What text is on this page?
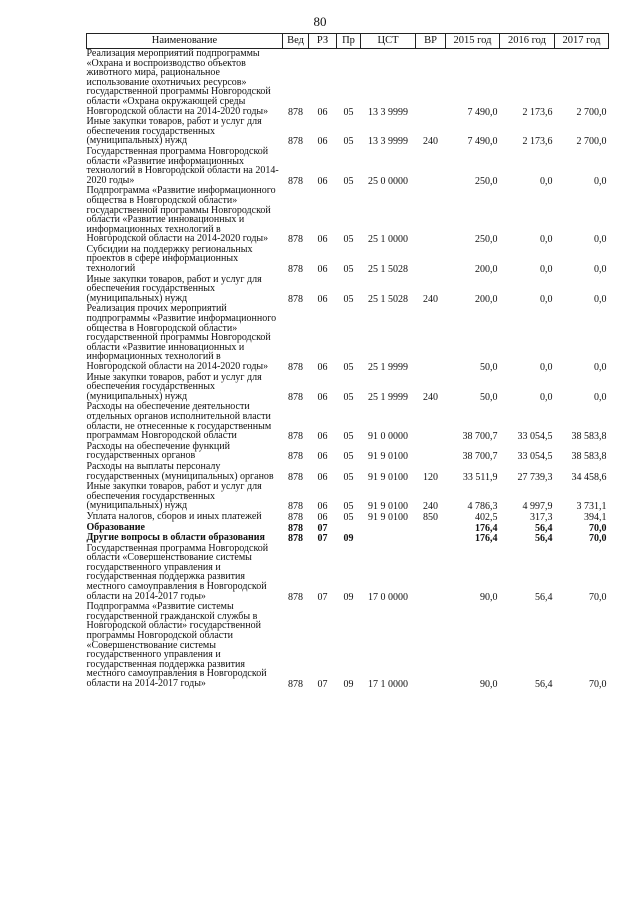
80
Наименование	Вед	РЗ	Пр	ЦСТ	ВР	2015 год	2016 год	2017 год

Реализация мероприятий подпрограммы «Охрана и воспроизводство объектов животного мира, рациональное использование охотничьих ресурсов» государственной программы Новгородской области «Охрана окружающей среды Новгородской области на 2014-2020 годы»	878	06	05	13 3 9999		7 490,0	2 173,6	2 700,0

Иные закупки товаров, работ и услуг для обеспечения государственных (муниципальных) нужд	878	06	05	13 3 9999	240	7 490,0	2 173,6	2 700,0

Государственная программа Новгородской области «Развитие информационных технологий в Новгородской области на 2014-2020 годы»	878	06	05	25 0 0000		250,0	0,0	0,0

Подпрограмма «Развитие информационного общества в Новгородской области» государственной программы Новгородской области «Развитие инновационных и информационных технологий в Новгородской области на 2014-2020 годы»	878	06	05	25 1 0000		250,0	0,0	0,0

Субсидии на поддержку региональных проектов в сфере информационных технологий	878	06	05	25 1 5028		200,0	0,0	0,0

Иные закупки товаров, работ и услуг для обеспечения государственных (муниципальных) нужд	878	06	05	25 1 5028	240	200,0	0,0	0,0

Реализация прочих мероприятий подпрограммы «Развитие информационного общества в Новгородской области» государственной программы Новгородской области «Развитие инновационных и информационных технологий в Новгородской области на 2014-2020 годы»	878	06	05	25 1 9999		50,0	0,0	0,0

Иные закупки товаров, работ и услуг для обеспечения государственных (муниципальных) нужд	878	06	05	25 1 9999	240	50,0	0,0	0,0

Расходы на обеспечение деятельности отдельных органов исполнительной власти области, не отнесенные к государственным программам Новгородской области	878	06	05	91 0 0000		38 700,7	33 054,5	38 583,8

Расходы на обеспечение функций государственных органов	878	06	05	91 9 0100		38 700,7	33 054,5	38 583,8

Расходы на выплаты персоналу государственных (муниципальных) органов	878	06	05	91 9 0100	120	33 511,9	27 739,3	34 458,6

Иные закупки товаров, работ и услуг для обеспечения государственных (муниципальных) нужд	878	06	05	91 9 0100	240	4 786,3	4 997,9	3 731,1

Уплата налогов, сборов и иных платежей	878	06	05	91 9 0100	850	402,5	317,3	394,1

Образование	878	07				176,4	56,4	70,0

Другие вопросы в области образования	878	07	09			176,4	56,4	70,0

Государственная программа Новгородской области «Совершенствование системы государственного управления и государственная поддержка развития местного самоуправления в Новгородской области на 2014-2017 годы»	878	07	09	17 0 0000		90,0	56,4	70,0

Подпрограмма «Развитие системы государственной гражданской службы в Новгородской области» государственной программы Новгородской области «Совершенствование системы государственного управления и государственная поддержка развития местного самоуправления в Новгородской области на 2014-2017 годы»	878	07	09	17 1 0000		90,0	56,4	70,0
